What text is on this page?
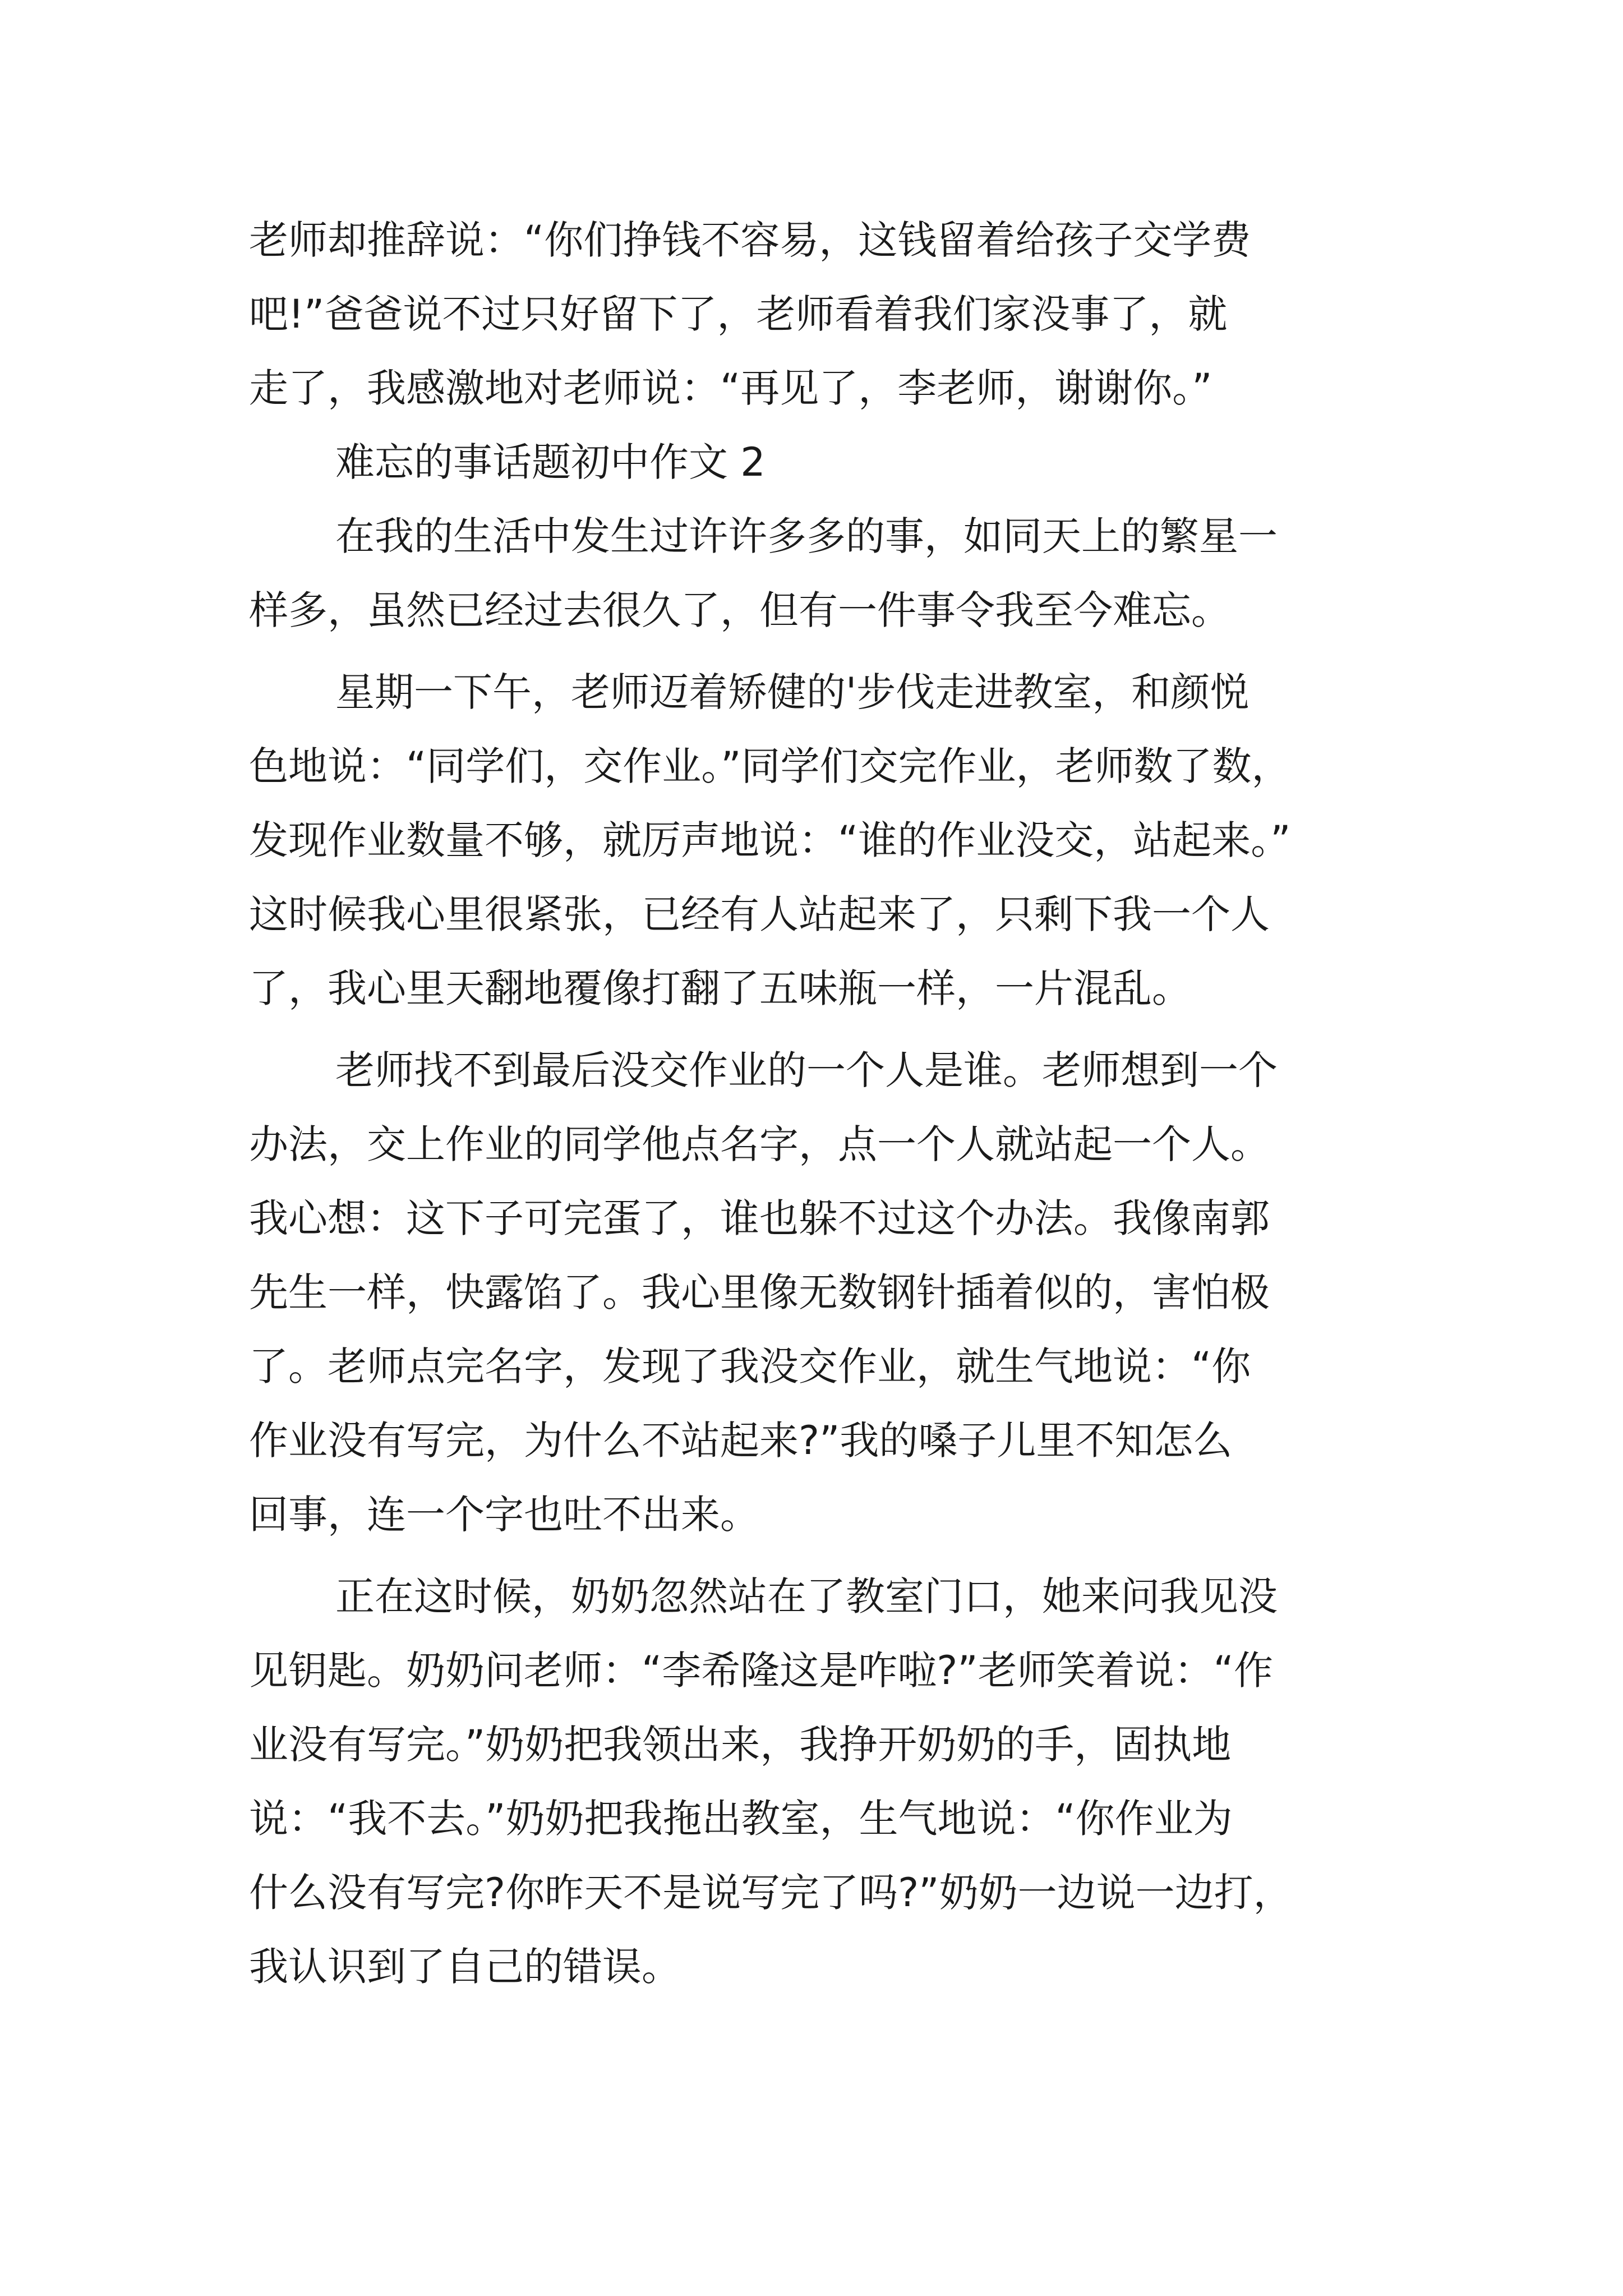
老师却推辞说：“你们挣钱不容易，这钱留着给孩子交学费
吧!”爸爸说不过只好留下了，老师看着我们家没事了，就
走了，我感激地对老师说：“再见了，李老师，谢谢你。”
难忘的事话题初中作文 2
在我的生活中发生过许许多多的事，如同天上的繁星一
样多，虽然已经过去很久了，但有一件事令我至今难忘。
星期一下午，老师迈着矫健的'步伐走进教室，和颜悦
色地说：“同学们，交作业。”同学们交完作业，老师数了数，
发现作业数量不够，就厉声地说：“谁的作业没交，站起来。”
这时候我心里很紧张，已经有人站起来了，只剩下我一个人
了，我心里天翻地覆像打翻了五味瓶一样，一片混乱。
老师找不到最后没交作业的一个人是谁。老师想到一个
办法，交上作业的同学他点名字，点一个人就站起一个人。
我心想：这下子可完蛋了，谁也躲不过这个办法。我像南郭
先生一样，快露馅了。我心里像无数钢针插着似的，害怕极
了。老师点完名字，发现了我没交作业，就生气地说：“你
作业没有写完，为什么不站起来?”我的嗓子儿里不知怎么
回事，连一个字也吐不出来。
正在这时候，奶奶忽然站在了教室门口，她来问我见没
见钥匙。奶奶问老师：“李希隆这是咋啦?”老师笑着说：“作
业没有写完。”奶奶把我领出来，我挣开奶奶的手，固执地
说：“我不去。”奶奶把我拖出教室，生气地说：“你作业为
什么没有写完?你昨天不是说写完了吗?”奶奶一边说一边打，
我认识到了自己的错误。
